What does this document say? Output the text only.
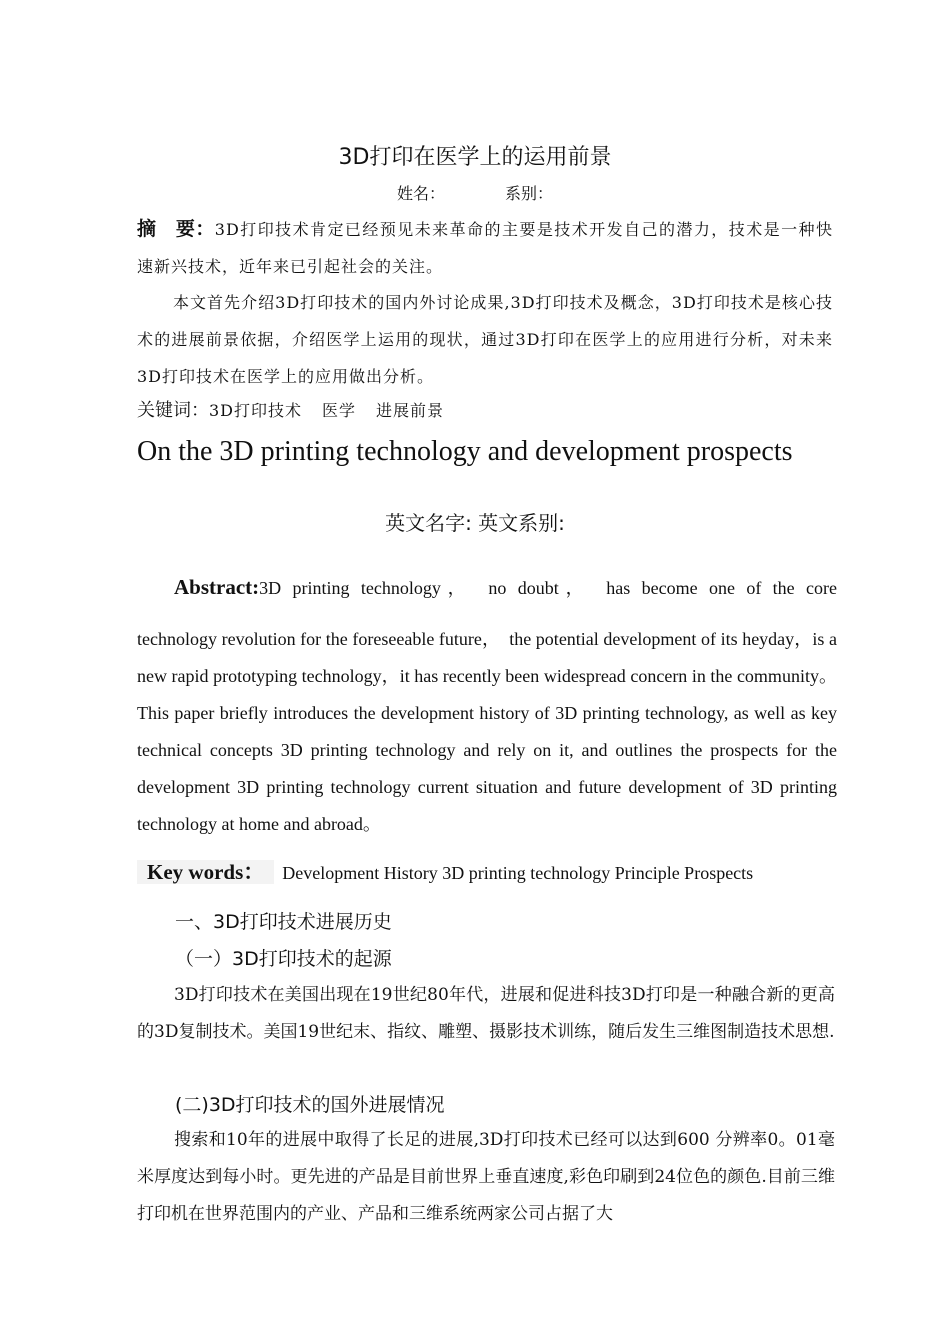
3D打印在医学上的运用前景
姓名：	系别：
摘　要：3D打印技术肯定已经预见未来革命的主要是技术开发自己的潜力，技术是一种快速新兴技术，近年来已引起社会的关注。
本文首先介绍3D打印技术的国内外讨论成果,3D打印技术及概念，3D打印技术是核心技术的进展前景依据，介绍医学上运用的现状，通过3D打印在医学上的应用进行分析，对未来3D打印技术在医学上的应用做出分析。
关键词：3D打印技术 医学 进展前景
On the 3D printing technology and development prospects
英文名字: 英文系别:
Abstract:3D printing technology，　no doubt，　has become one of the core
technology revolution for the foreseeable future，　the potential development of its heyday，is a new rapid prototyping technology，it has recently been widespread concern in the community。 This paper briefly introduces the development history of 3D printing technology, as well as key technical concepts 3D printing technology and rely on it, and outlines the prospects for the development 3D printing technology current situation and future development of 3D printing technology at home and abroad。
Key words： Development History 3D printing technology Principle Prospects
一、3D打印技术进展历史
（一）3D打印技术的起源
3D打印技术在美国出现在19世纪80年代，进展和促进科技3D打印是一种融合新的更高的3D复制技术。美国19世纪末、指纹、雕塑、摄影技术训练，随后发生三维图制造技术思想.
(二)3D打印技术的国外进展情况
搜索和10年的进展中取得了长足的进展,3D打印技术已经可以达到600 分辨率0。01毫米厚度达到每小时。更先进的产品是目前世界上垂直速度,彩色印刷到24位色的颜色.目前三维打印机在世界范围内的产业、产品和三维系统两家公司占据了大
